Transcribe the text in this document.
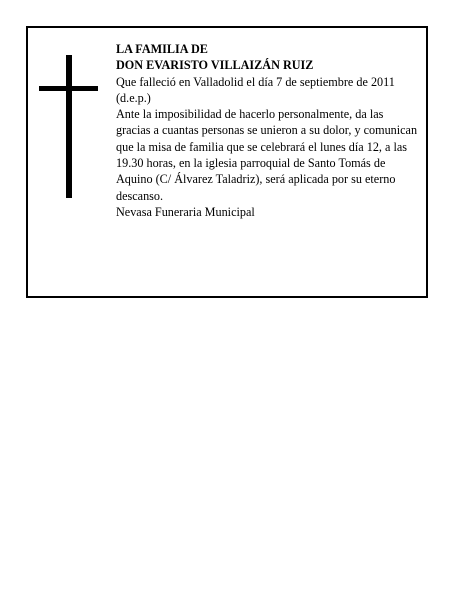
LA FAMILIA DE
DON EVARISTO VILLAIZÁN RUIZ
Que falleció en Valladolid el día 7 de septiembre de 2011
(d.e.p.)
Ante la imposibilidad de hacerlo personalmente, da las gracias a cuantas personas se unieron a su dolor, y comunican que la misa de familia que se celebrará el lunes día 12, a las 19.30 horas, en la iglesia parroquial de Santo Tomás de Aquino (C/ Álvarez Taladriz), será aplicada por su eterno descanso.
Nevasa Funeraria Municipal
